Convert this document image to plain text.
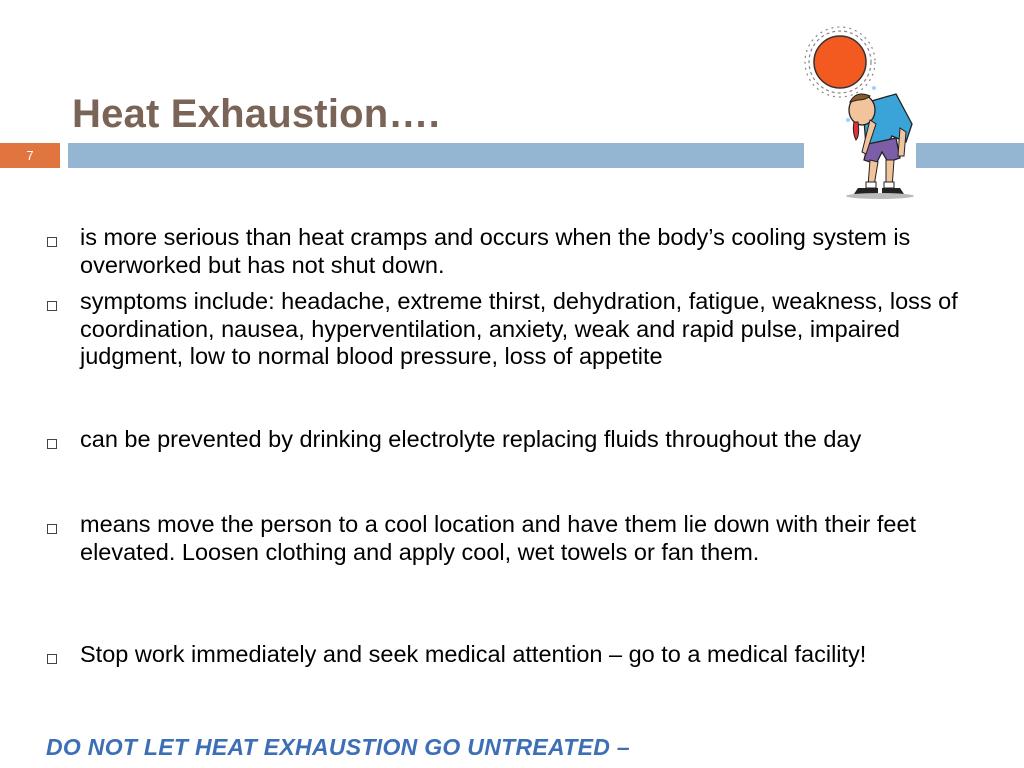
Heat Exhaustion….
7
is more serious than heat cramps and occurs when the body’s cooling system is overworked but has not shut down.
symptoms include: headache, extreme thirst, dehydration, fatigue, weakness, loss of coordination, nausea, hyperventilation, anxiety, weak and rapid pulse, impaired judgment, low to normal blood pressure, loss of appetite
can be prevented by drinking electrolyte replacing fluids throughout the day
means move the person to a cool location and have them lie down with their feet elevated. Loosen clothing and apply cool, wet towels or fan them.
Stop work immediately and seek medical attention – go to a medical facility!
DO NOT LET HEAT EXHAUSTION GO UNTREATED –
